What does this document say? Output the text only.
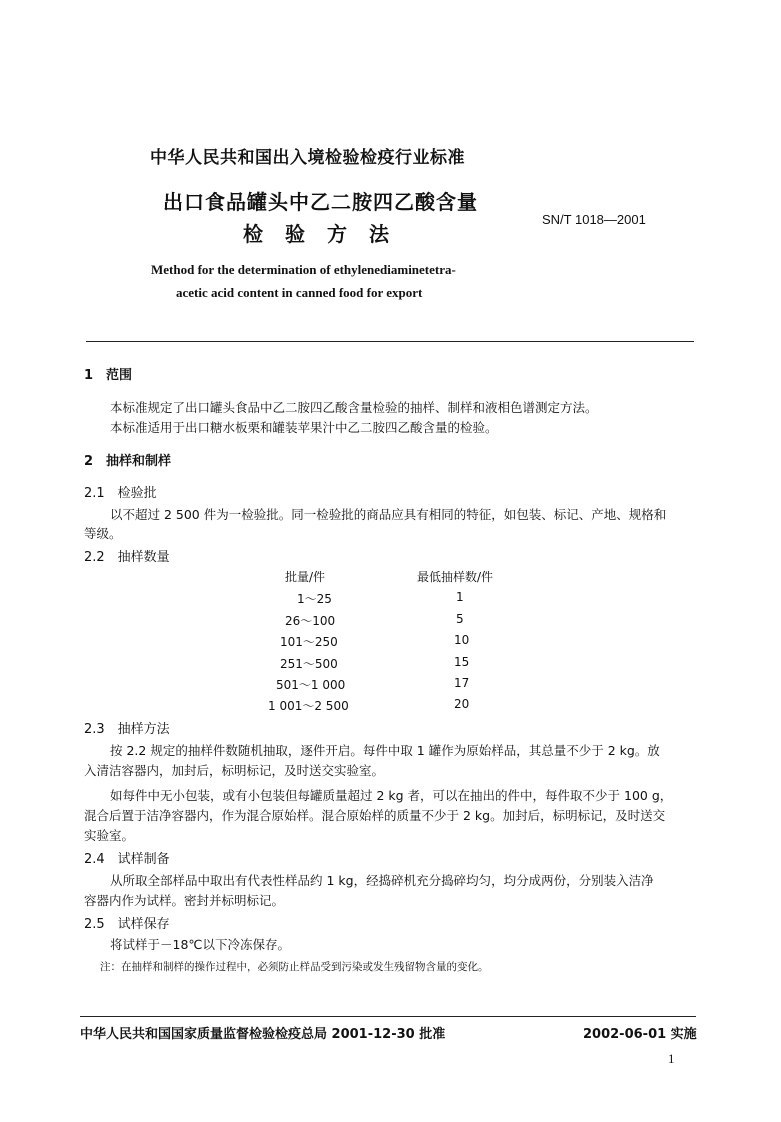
中华人民共和国出入境检验检疫行业标准
出口食品罐头中乙二胺四乙酸含量
检验方法
SN/T 1018—2001
Method for the determination of ethylenediaminetetra-
acetic acid content in canned food for export
1　范围
本标准规定了出口罐头食品中乙二胺四乙酸含量检验的抽样、制样和液相色谱测定方法。
本标准适用于出口糖水板栗和罐装苹果汁中乙二胺四乙酸含量的检验。
2　抽样和制样
2.1　检验批
以不超过 2 500 件为一检验批。同一检验批的商品应具有相同的特征，如包装、标记、产地、规格和
等级。
2.2　抽样数量
批量/件	最低抽样数/件
1～25	1
26～100	5
101～250	10
251～500	15
501～1 000	17
1 001～2 500	20
2.3　抽样方法
按 2.2 规定的抽样件数随机抽取，逐件开启。每件中取 1 罐作为原始样品，其总量不少于 2 kg。放
入清洁容器内，加封后，标明标记，及时送交实验室。
如每件中无小包装，或有小包装但每罐质量超过 2 kg 者，可以在抽出的件中，每件取不少于 100 g，
混合后置于洁净容器内，作为混合原始样。混合原始样的质量不少于 2 kg。加封后，标明标记，及时送交
实验室。
2.4　试样制备
从所取全部样品中取出有代表性样品约 1 kg，经捣碎机充分捣碎均匀，均分成两份，分别装入洁净
容器内作为试样。密封并标明标记。
2.5　试样保存
将试样于－18℃以下冷冻保存。
注：在抽样和制样的操作过程中，必须防止样品受到污染或发生残留物含量的变化。
中华人民共和国国家质量监督检验检疫总局 2001-12-30 批准	2002-06-01 实施
1
